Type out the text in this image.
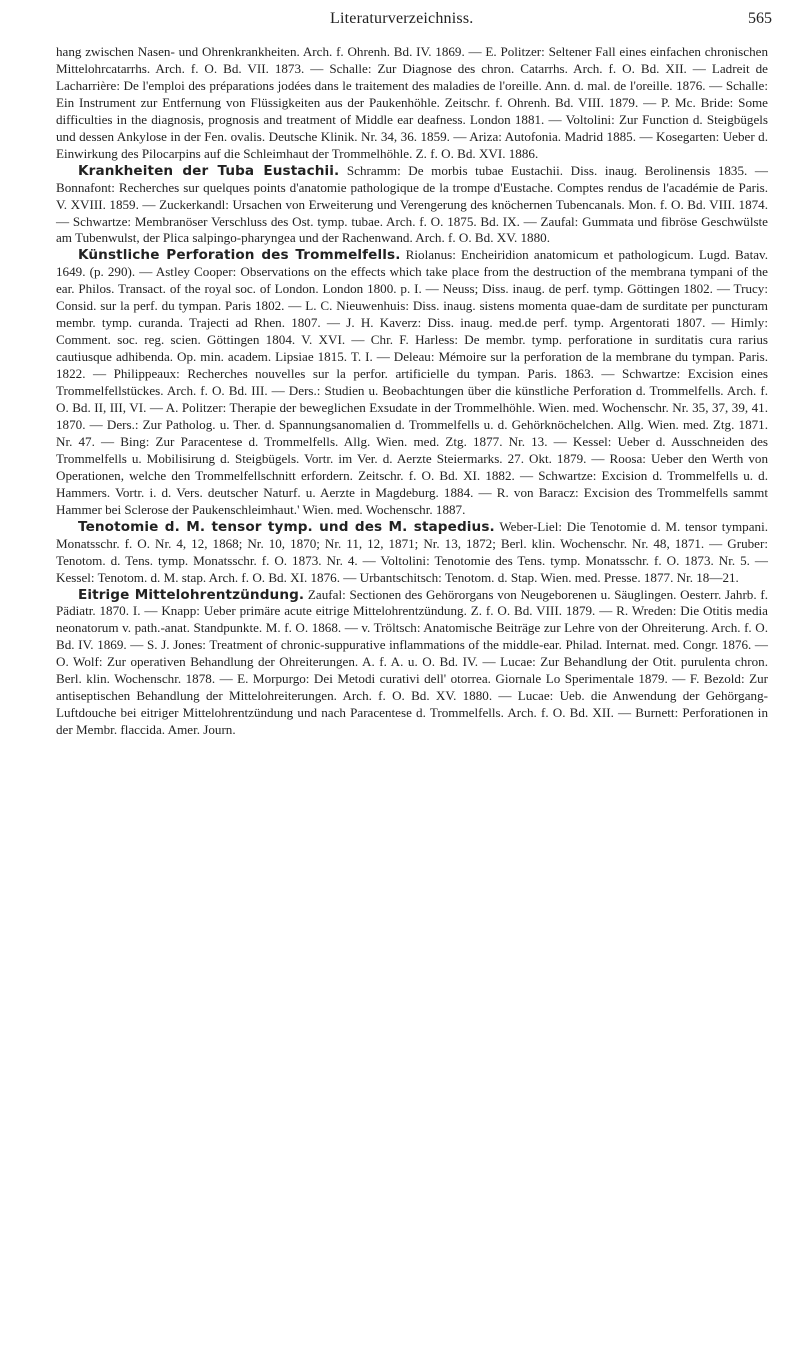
Literaturverzeichniss.	565

hang zwischen Nasen- und Ohrenkrankheiten. Arch. f. Ohrenh. Bd. IV. 1869. — E. Politzer: Seltener Fall eines einfachen chronischen Mittelohrcatarrhs. Arch. f. O. Bd. VII. 1873. — Schalle: Zur Diagnose des chron. Catarrhs. Arch. f. O. Bd. XII. — Ladreit de Lacharrière: De l'emploi des préparations jodées dans le traitement des maladies de l'oreille. Ann. d. mal. de l'oreille. 1876. — Schalle: Ein Instrument zur Entfernung von Flüssigkeiten aus der Paukenhöhle. Zeitschr. f. Ohrenh. Bd. VIII. 1879. — P. Mc. Bride: Some difficulties in the diagnosis, prognosis and treatment of Middle ear deafness. London 1881. — Voltolini: Zur Function d. Steigbügels und dessen Ankylose in der Fen. ovalis. Deutsche Klinik. Nr. 34, 36. 1859. — Ariza: Autofonia. Madrid 1885. — Kosegarten: Ueber d. Einwirkung des Pilocarpins auf die Schleimhaut der Trommelhöhle. Z. f. O. Bd. XVI. 1886.

Krankheiten der Tuba Eustachii. Schramm: De morbis tubae Eustachii. Diss. inaug. Berolinensis 1835. — Bonnafont: Recherches sur quelques points d'anatomie pathologique de la trompe d'Eustache. Comptes rendus de l'académie de Paris. V. XVIII. 1859. — Zuckerkandl: Ursachen von Erweiterung und Verengerung des knöchernen Tubencanals. Mon. f. O. Bd. VIII. 1874. — Schwartze: Membranöser Verschluss des Ost. tymp. tubae. Arch. f. O. 1875. Bd. IX. — Zaufal: Gummata und fibröse Geschwülste am Tubenwulst, der Plica salpingo-pharyngea und der Rachenwand. Arch. f. O. Bd. XV. 1880.

Künstliche Perforation des Trommelfells. Riolanus: Encheiridion anatomicum et pathologicum. Lugd. Batav. 1649. (p. 290). — Astley Cooper: Observations on the effects which take place from the destruction of the membrana tympani of the ear. Philos. Transact. of the royal soc. of London. London 1800. p. I. — Neuss; Diss. inaug. de perf. tymp. Göttingen 1802. — Trucy: Consid. sur la perf. du tympan. Paris 1802. — L. C. Nieuwenhuis: Diss. inaug. sistens momenta quae-dam de surditate per puncturam membr. tymp. curanda. Trajecti ad Rhen. 1807. — J. H. Kaverz: Diss. inaug. med.de perf. tymp. Argentorati 1807. — Himly: Comment. soc. reg. scien. Göttingen 1804. V. XVI. — Chr. F. Harless: De membr. tymp. perforatione in surditatis cura rarius cautiusque adhibenda. Op. min. academ. Lipsiae 1815. T. I. — Deleau: Mémoire sur la perforation de la membrane du tympan. Paris. 1822. — Philippeaux: Recherches nouvelles sur la perfor. artificielle du tympan. Paris. 1863. — Schwartze: Excision eines Trommelfellstückes. Arch. f. O. Bd. III. — Ders.: Studien u. Beobachtungen über die künstliche Perforation d. Trommelfells. Arch. f. O. Bd. II, III, VI. — A. Politzer: Therapie der beweglichen Exsudate in der Trommelhöhle. Wien. med. Wochenschr. Nr. 35, 37, 39, 41. 1870. — Ders.: Zur Patholog. u. Ther. d. Spannungsanomalien d. Trommelfells u. d. Gehörknöchelchen. Allg. Wien. med. Ztg. 1871. Nr. 47. — Bing: Zur Paracentese d. Trommelfells. Allg. Wien. med. Ztg. 1877. Nr. 13. — Kessel: Ueber d. Ausschneiden des Trommelfells u. Mobilisirung d. Steigbügels. Vortr. im Ver. d. Aerzte Steiermarks. 27. Okt. 1879. — Roosa: Ueber den Werth von Operationen, welche den Trommelfellschnitt erfordern. Zeitschr. f. O. Bd. XI. 1882. — Schwartze: Excision d. Trommelfells u. d. Hammers. Vortr. i. d. Vers. deutscher Naturf. u. Aerzte in Magdeburg. 1884. — R. von Baracz: Excision des Trommelfells sammt Hammer bei Sclerose der Paukenschleimhaut.' Wien. med. Wochenschr. 1887.

Tenotomie d. M. tensor tymp. und des M. stapedius. Weber-Liel: Die Tenotomie d. M. tensor tympani. Monatsschr. f. O. Nr. 4, 12, 1868; Nr. 10, 1870; Nr. 11, 12, 1871; Nr. 13, 1872; Berl. klin. Wochenschr. Nr. 48, 1871. — Gruber: Tenotom. d. Tens. tymp. Monatsschr. f. O. 1873. Nr. 4. — Voltolini: Tenotomie des Tens. tymp. Monatsschr. f. O. 1873. Nr. 5. — Kessel: Tenotom. d. M. stap. Arch. f. O. Bd. XI. 1876. — Urbantschitsch: Tenotom. d. Stap. Wien. med. Presse. 1877. Nr. 18—21.

Eitrige Mittelohrentzündung. Zaufal: Sectionen des Gehörorgans von Neugeborenen u. Säuglingen. Oesterr. Jahrb. f. Pädiatr. 1870. I. — Knapp: Ueber primäre acute eitrige Mittelohrentzündung. Z. f. O. Bd. VIII. 1879. — R. Wreden: Die Otitis media neonatorum v. path.-anat. Standpunkte. M. f. O. 1868. — v. Tröltsch: Anatomische Beiträge zur Lehre von der Ohreiterung. Arch. f. O. Bd. IV. 1869. — S. J. Jones: Treatment of chronic-suppurative inflammations of the middle-ear. Philad. Internat. med. Congr. 1876. — O. Wolf: Zur operativen Behandlung der Ohreiterungen. A. f. A. u. O. Bd. IV. — Lucae: Zur Behandlung der Otit. purulenta chron. Berl. klin. Wochenschr. 1878. — E. Morpurgo: Dei Metodi curativi dell' otorrea. Giornale Lo Sperimentale 1879. — F. Bezold: Zur antiseptischen Behandlung der Mittelohreiterungen. Arch. f. O. Bd. XV. 1880. — Lucae: Ueb. die Anwendung der Gehörgang-Luftdouche bei eitriger Mittelohrentzündung und nach Paracentese d. Trommelfells. Arch. f. O. Bd. XII. — Burnett: Perforationen in der Membr. flaccida. Amer. Journ.
